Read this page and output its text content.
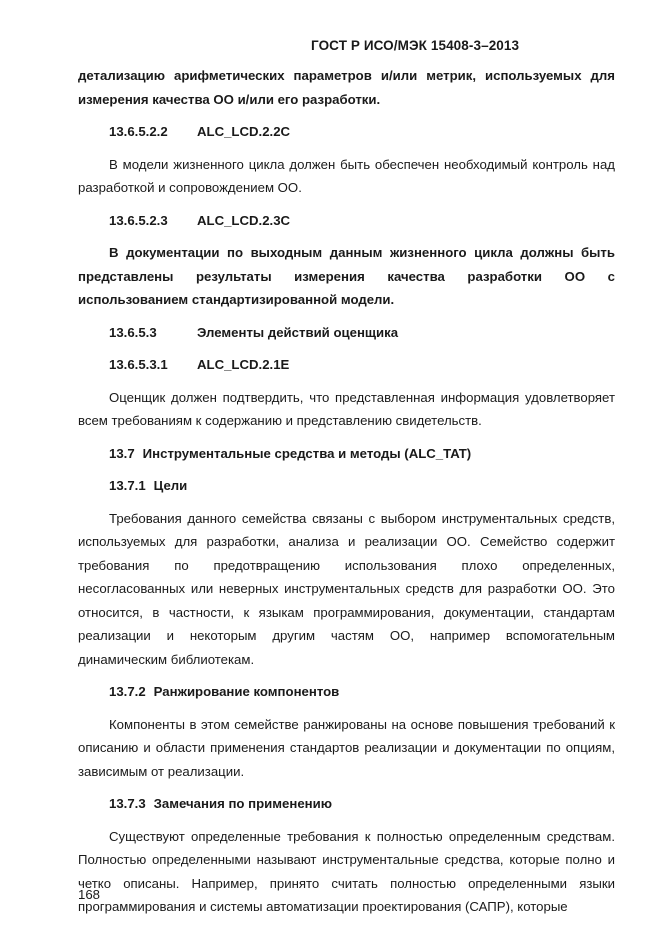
ГОСТ Р ИСО/МЭК 15408-3–2013

детализацию арифметических параметров и/или метрик, используемых для измерения качества ОО и/или его разработки.

13.6.5.2.2 ALC_LCD.2.2C

В модели жизненного цикла должен быть обеспечен необходимый контроль над разработкой и сопровождением ОО.

13.6.5.2.3 ALC_LCD.2.3C

В документации по выходным данным жизненного цикла должны быть представлены результаты измерения качества разработки ОО с использованием стандартизированной модели.

13.6.5.3	Элементы действий оценщика
13.6.5.3.1 ALC_LCD.2.1E

Оценщик должен подтвердить, что представленная информация удовлетворяет всем требованиям к содержанию и представлению свидетельств.

13.7 Инструментальные средства и методы (ALC_TAT)
13.7.1 Цели

Требования данного семейства связаны с выбором инструментальных средств, используемых для разработки, анализа и реализации ОО. Семейство содержит требования по предотвращению использования плохо определенных, несогласованных или неверных инструментальных средств для разработки ОО. Это относится, в частности, к языкам программирования, документации, стандартам реализации и некоторым другим частям ОО, например вспомогательным динамическим библиотекам.

13.7.2 Ранжирование компонентов

Компоненты в этом семействе ранжированы на основе повышения требований к описанию и области применения стандартов реализации и документации по опциям, зависимым от реализации.

13.7.3 Замечания по применению

Существуют определенные требования к полностью определенным средствам. Полностью определенными называют инструментальные средства, которые полно и четко описаны. Например, принято считать полностью определенными языки программирования и системы автоматизации проектирования (САПР), которые

168
